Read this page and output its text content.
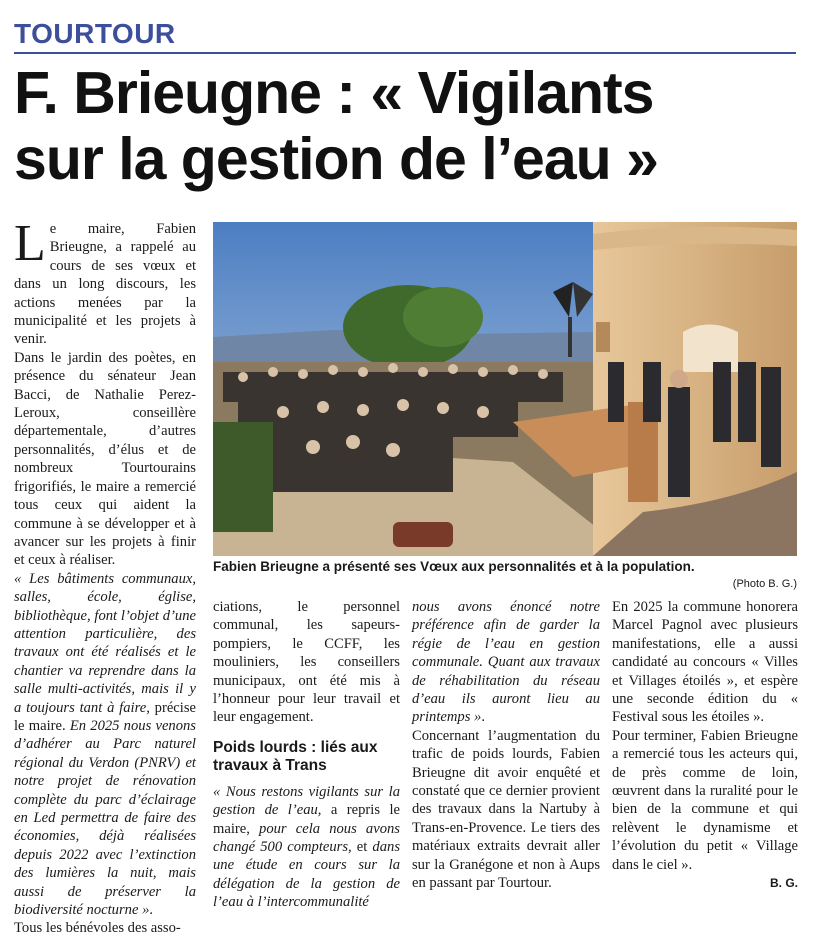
TOURTOUR
F. Brieugne : « Vigilants
sur la gestion de l’eau »

Le maire, Fabien Brieugne, a rappelé au cours de ses vœux et dans un long discours, les actions menées par la municipalité et les projets à venir.

Dans le jardin des poètes, en présence du sénateur Jean Bacci, de Nathalie Perez-Leroux, conseillère départementale, d’autres personnalités, d’élus et de nombreux Tourtourains frigorifiés, le maire a remercié tous ceux qui aident la commune à se développer et à avancer sur les projets à finir et ceux à réaliser.

« Les bâtiments communaux, salles, école, église, bibliothèque, font l’objet d’une attention particulière, des travaux ont été réalisés et le chantier va reprendre dans la salle multi-activités, mais il y a toujours tant à faire, précise le maire. En 2025 nous venons d’adhérer au Parc naturel régional du Verdon (PNRV) et notre projet de rénovation complète du parc d’éclairage en Led permettra de faire des économies, déjà réalisées depuis 2022 avec l’extinction des lumières la nuit, mais aussi de préserver la biodiversité nocturne ».

Tous les bénévoles des asso-

Fabien Brieugne a présenté ses Vœux aux personnalités et à la population.
(Photo B. G.)

ciations, le personnel communal, les sapeurs-pompiers, le CCFF, les mouliniers, les conseillers municipaux, ont été mis à l’honneur pour leur travail et leur engagement.

Poids lourds : liés aux travaux à Trans

« Nous restons vigilants sur la gestion de l’eau, a repris le maire, pour cela nous avons changé 500 compteurs, et dans une étude en cours sur la délégation de la gestion de l’eau à l’intercommunalité

nous avons énoncé notre préférence afin de garder la régie de l’eau en gestion communale. Quant aux travaux de réhabilitation du réseau d’eau ils auront lieu au printemps ».

Concernant l’augmentation du trafic de poids lourds, Fabien Brieugne dit avoir enquêté et constaté que ce dernier provient des travaux dans la Nartuby à Trans-en-Provence. Le tiers des matériaux extraits devrait aller sur la Granégone et non à Aups en passant par Tourtour.

En 2025 la commune honorera Marcel Pagnol avec plusieurs manifestations, elle a aussi candidaté au concours « Villes et Villages étoilés », et espère une seconde édition du « Festival sous les étoiles ».

Pour terminer, Fabien Brieugne a remercié tous les acteurs qui, de près comme de loin, œuvrent dans la ruralité pour le bien de la commune et qui relèvent le dynamisme et l’évolution du petit « Village dans le ciel ».

B. G.
